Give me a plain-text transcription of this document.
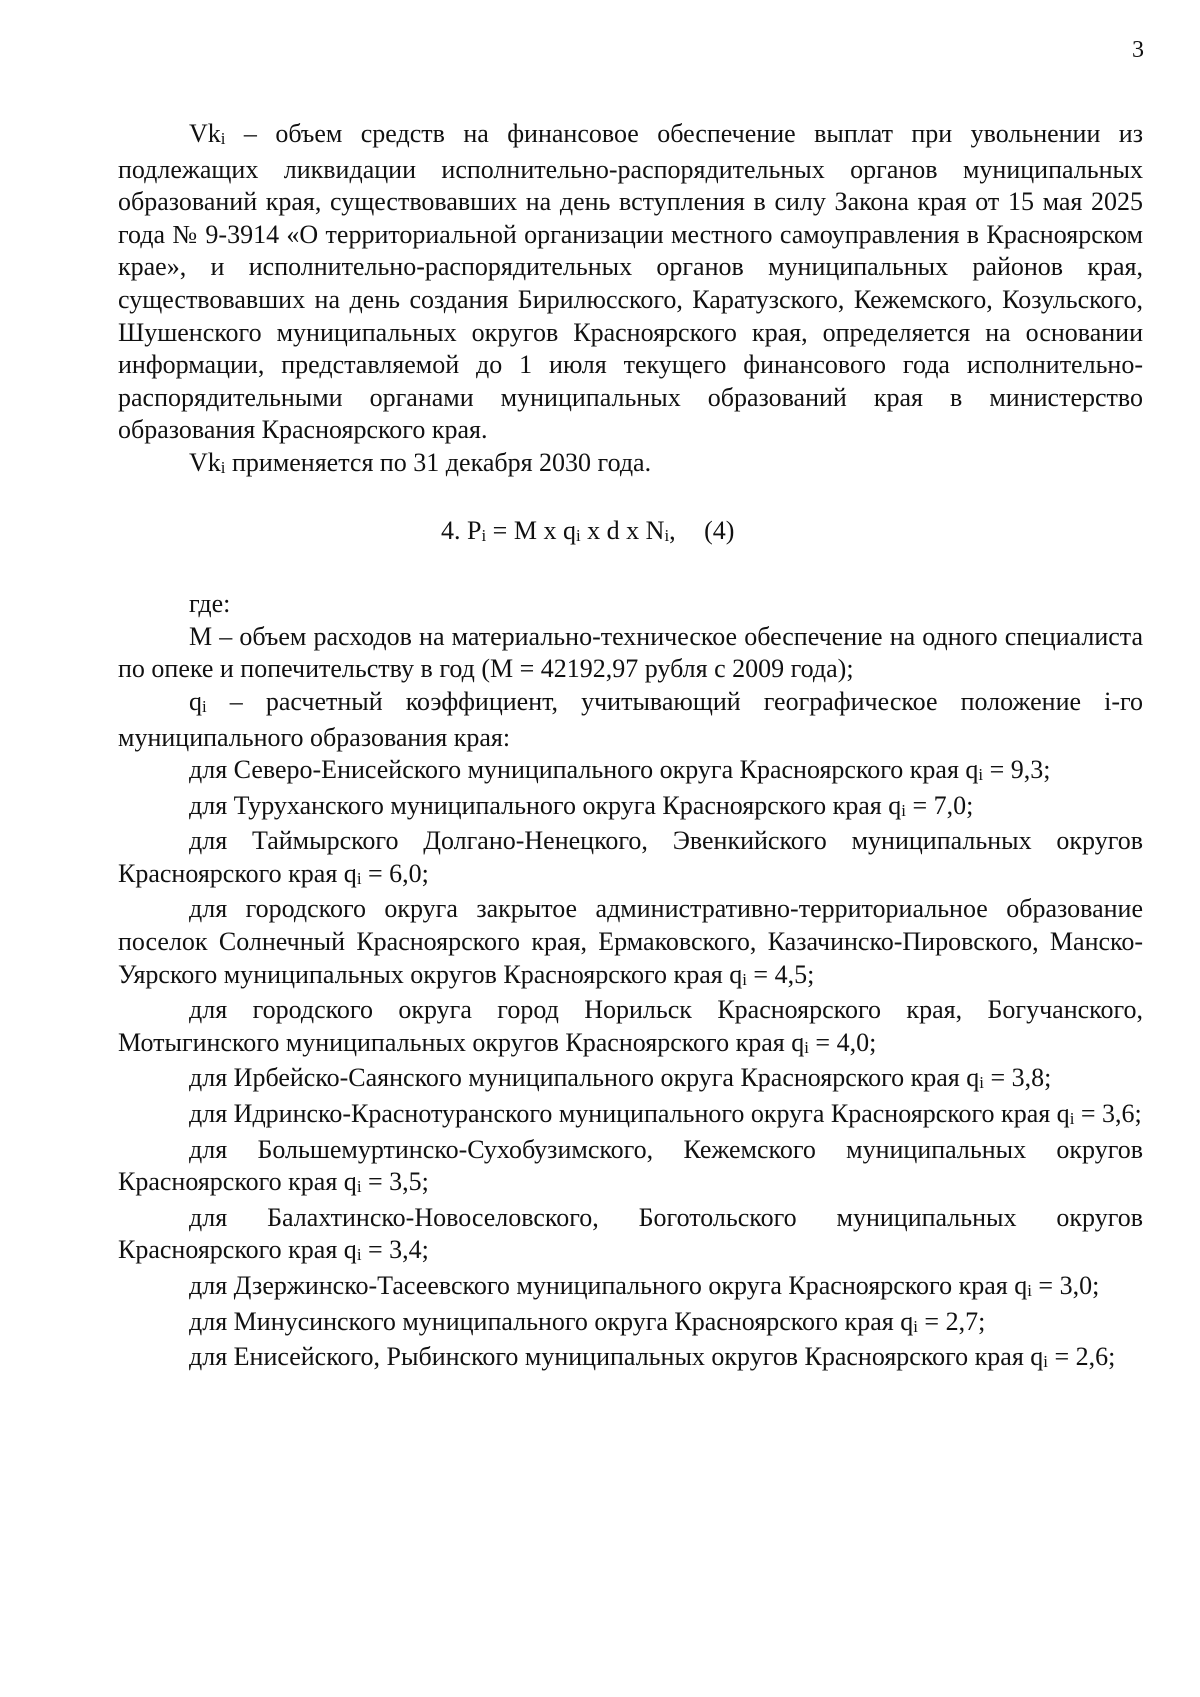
3

$Vk_i$ – объем средств на финансовое обеспечение выплат при увольнении из подлежащих ликвидации исполнительно-распорядительных органов муниципальных образований края, существовавших на день вступления в силу Закона края от 15 мая 2025 года № 9-3914 «О территориальной организации местного самоуправления в Красноярском крае», и исполнительно-распорядительных органов муниципальных районов края, существовавших на день создания Бирилюсского, Каратузского, Кежемского, Козульского, Шушенского муниципальных округов Красноярского края, определяется на основании информации, представляемой до 1 июля текущего финансового года исполнительно-распорядительными органами муниципальных образований края в министерство образования Красноярского края.

$Vk_i$ применяется по 31 декабря 2030 года.

4. $P_i = M$ x $q_i$ x d x $N_i$, (4)

где:

M – объем расходов на материально-техническое обеспечение на одного специалиста по опеке и попечительству в год (M = 42192,97 рубля с 2009 года);

$q_i$ – расчетный коэффициент, учитывающий географическое положение i-го муниципального образования края:

для Северо-Енисейского муниципального округа Красноярского края $q_i = 9,3$;

для Туруханского муниципального округа Красноярского края $q_i = 7,0$;

для Таймырского Долгано-Ненецкого, Эвенкийского муниципальных округов Красноярского края $q_i = 6,0$;

для городского округа закрытое административно-территориальное образование поселок Солнечный Красноярского края, Ермаковского, Казачинско-Пировского, Манско-Уярского муниципальных округов Красноярского края $q_i = 4,5$;

для городского округа город Норильск Красноярского края, Богучанского, Мотыгинского муниципальных округов Красноярского края $q_i = 4,0$;

для Ирбейско-Саянского муниципального округа Красноярского края $q_i = 3,8$;

для Идринско-Краснотуранского муниципального округа Красноярского края $q_i = 3,6$;

для Большемуртинско-Сухобузимского, Кежемского муниципальных округов Красноярского края $q_i = 3,5$;

для Балахтинско-Новоселовского, Боготольского муниципальных округов Красноярского края $q_i = 3,4$;

для Дзержинско-Тасеевского муниципального округа Красноярского края $q_i = 3,0$;

для Минусинского муниципального округа Красноярского края $q_i = 2,7$;

для Енисейского, Рыбинского муниципальных округов Красноярского края $q_i = 2,6$;
